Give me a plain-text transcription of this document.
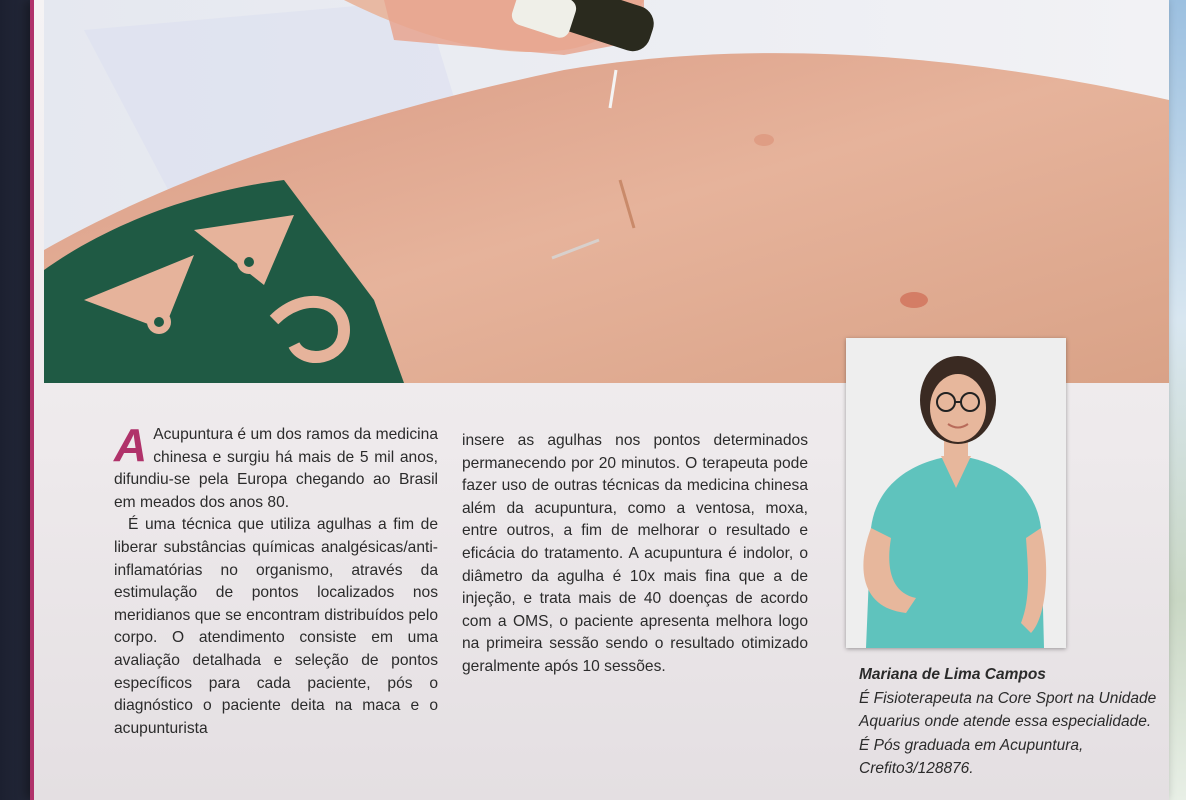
A Acupuntura é um dos ramos da medicina chinesa e surgiu há mais de 5 mil anos, difundiu-se pela Europa chegando ao Brasil em meados dos anos 80.

É uma técnica que utiliza agulhas a fim de liberar substâncias químicas analgésicas/anti-inflamatórias no organismo, através da estimulação de pontos localizados nos meridianos que se encontram distribuídos pelo corpo. O atendimento consiste em uma avaliação detalhada e seleção de pontos específicos para cada paciente, pós o diagnóstico o paciente deita na maca e o acupunturista

insere as agulhas nos pontos determinados permanecendo por 20 minutos. O terapeuta pode fazer uso de outras técnicas da medicina chinesa além da acupuntura, como a ventosa, moxa, entre outros, a fim de melhorar o resultado e eficácia do tratamento. A acupuntura é indolor, o diâmetro da agulha é 10x mais fina que a de injeção, e trata mais de 40 doenças de acordo com a OMS, o paciente apresenta melhora logo na primeira sessão sendo o resultado otimizado geralmente após 10 sessões.	Mariana de Lima Campos
É Fisioterapeuta na Core Sport na Unidade Aquarius onde atende essa especialidade. É Pós graduada em Acupuntura, Crefito3/128876.
